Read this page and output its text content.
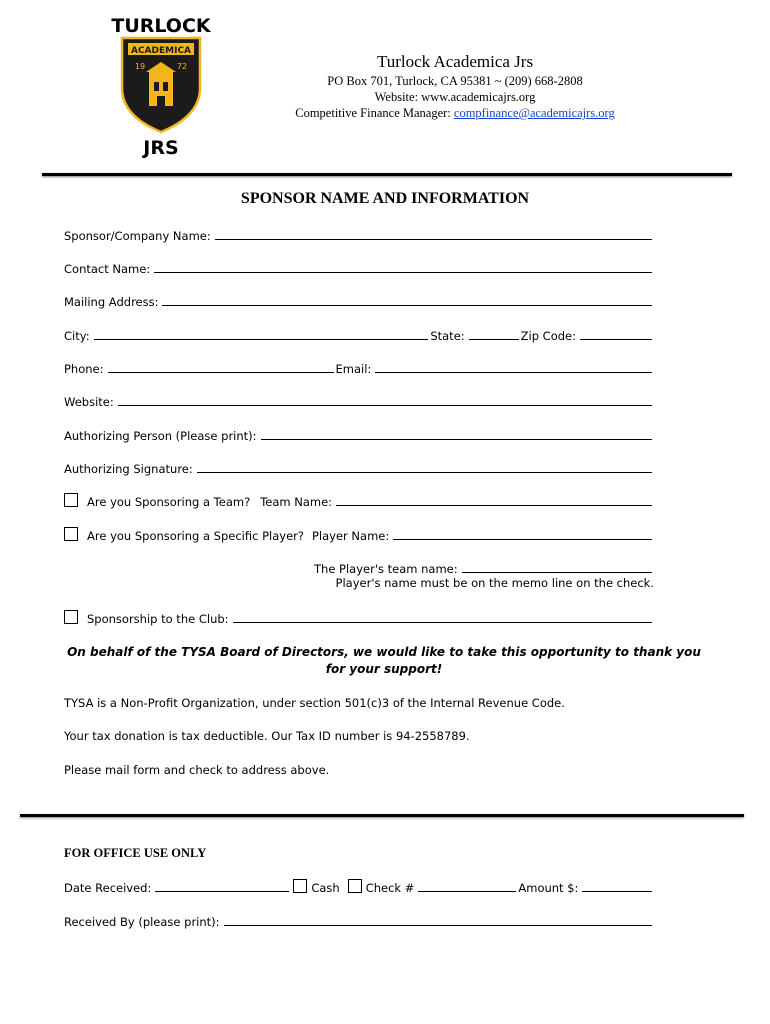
TURLOCK
ACADEMICA
19	72
JRS
Turlock Academica Jrs
PO Box 701, Turlock, CA 95381 ~ (209) 668-2808
Website: www.academicajrs.org
Competitive Finance Manager: compfinance@academicajrs.org
SPONSOR NAME AND INFORMATION
Sponsor/Company Name:
Contact Name:
Mailing Address:
City:	State:	Zip Code:
Phone:	Email:
Website:
Authorizing Person (Please print):
Authorizing Signature:
Are you Sponsoring a Team? Team Name:
Are you Sponsoring a Specific Player? Player Name:
The Player's team name:
Player's name must be on the memo line on the check.
Sponsorship to the Club:
On behalf of the TYSA Board of Directors, we would like to take this opportunity to thank you for your support!
TYSA is a Non-Profit Organization, under section 501(c)3 of the Internal Revenue Code.
Your tax donation is tax deductible. Our Tax ID number is 94-2558789.
Please mail form and check to address above.
FOR OFFICE USE ONLY
Date Received:	Cash Check #	Amount $:
Received By (please print):
